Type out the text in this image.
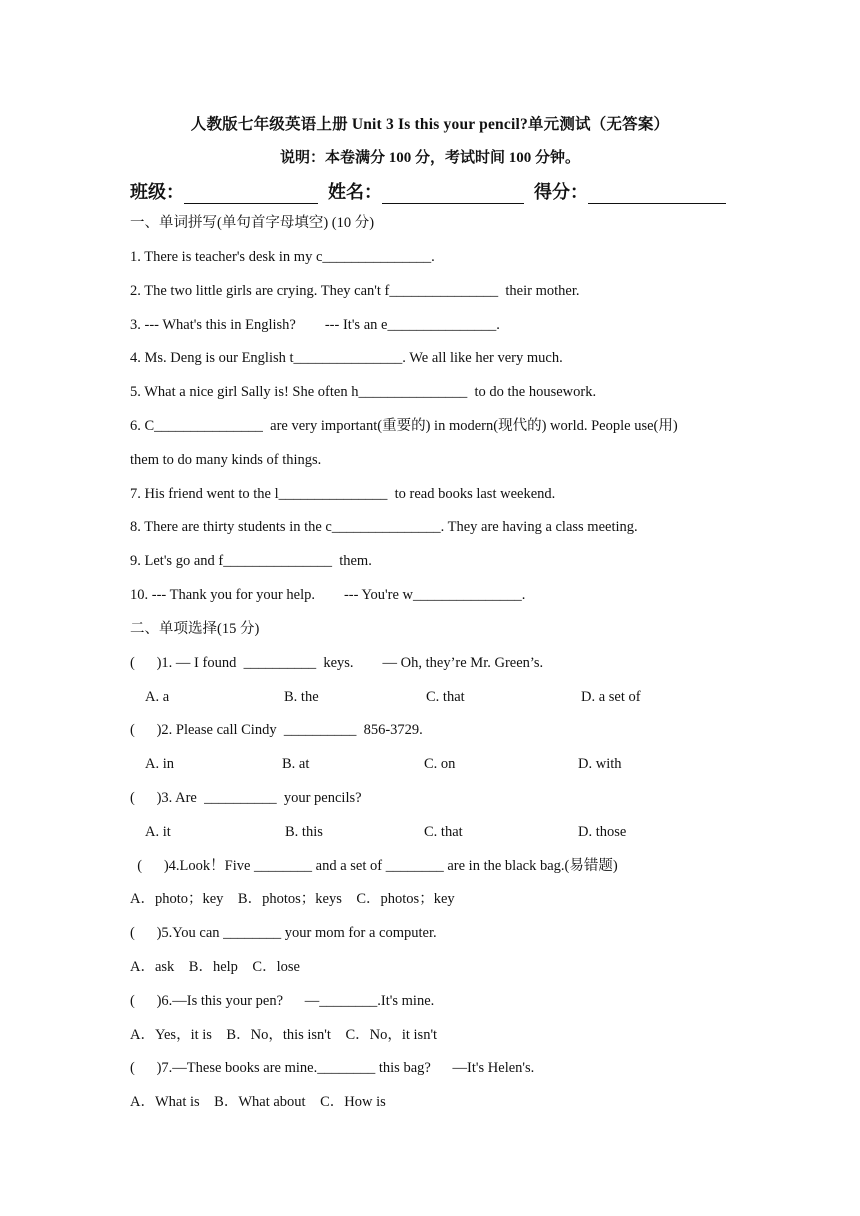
人教版七年级英语上册 Unit 3 Is this your pencil?单元测试（无答案）
说明：本卷满分 100 分，考试时间 100 分钟。
班级：	姓名：	得分：
一、单词拼写(单句首字母填空) (10 分)
1. There is teacher's desk in my c_______________.
2. The two little girls are crying. They can't f_______________  their mother.
3. --- What's this in English?        --- It's an e_______________.
4. Ms. Deng is our English t_______________. We all like her very much.
5. What a nice girl Sally is! She often h_______________  to do the housework.
6. C_______________  are very important(重要的) in modern(现代的) world. People use(用)
them to do many kinds of things.
7. His friend went to the l_______________  to read books last weekend.
8. There are thirty students in the c_______________. They are having a class meeting.
9. Let's go and f_______________  them.
10. --- Thank you for your help.        --- You're w_______________.
二、单项选择(15 分)
(      )1. — I found  __________  keys.        — Oh, they’re Mr. Green’s.
A. a	B. the	C. that	D. a set of
(      )2. Please call Cindy  __________  856-3729.
A. in	B. at	C. on	D. with
(      )3. Are  __________  your pencils?
A. it	B. this	C. that	D. those
(      )4.Look！Five ________ and a set of ________ are in the black bag.(易错题)
A．photo；key    B．photos；keys    C．photos；key
(      )5.You can ________ your mom for a computer.
A．ask    B．help    C．lose
(      )6.—Is this your pen?      —________.It's mine.
A．Yes，it is    B．No，this isn't    C．No，it isn't
(      )7.—These books are mine.________ this bag?      —It's Helen's.
A．What is    B．What about    C．How is
